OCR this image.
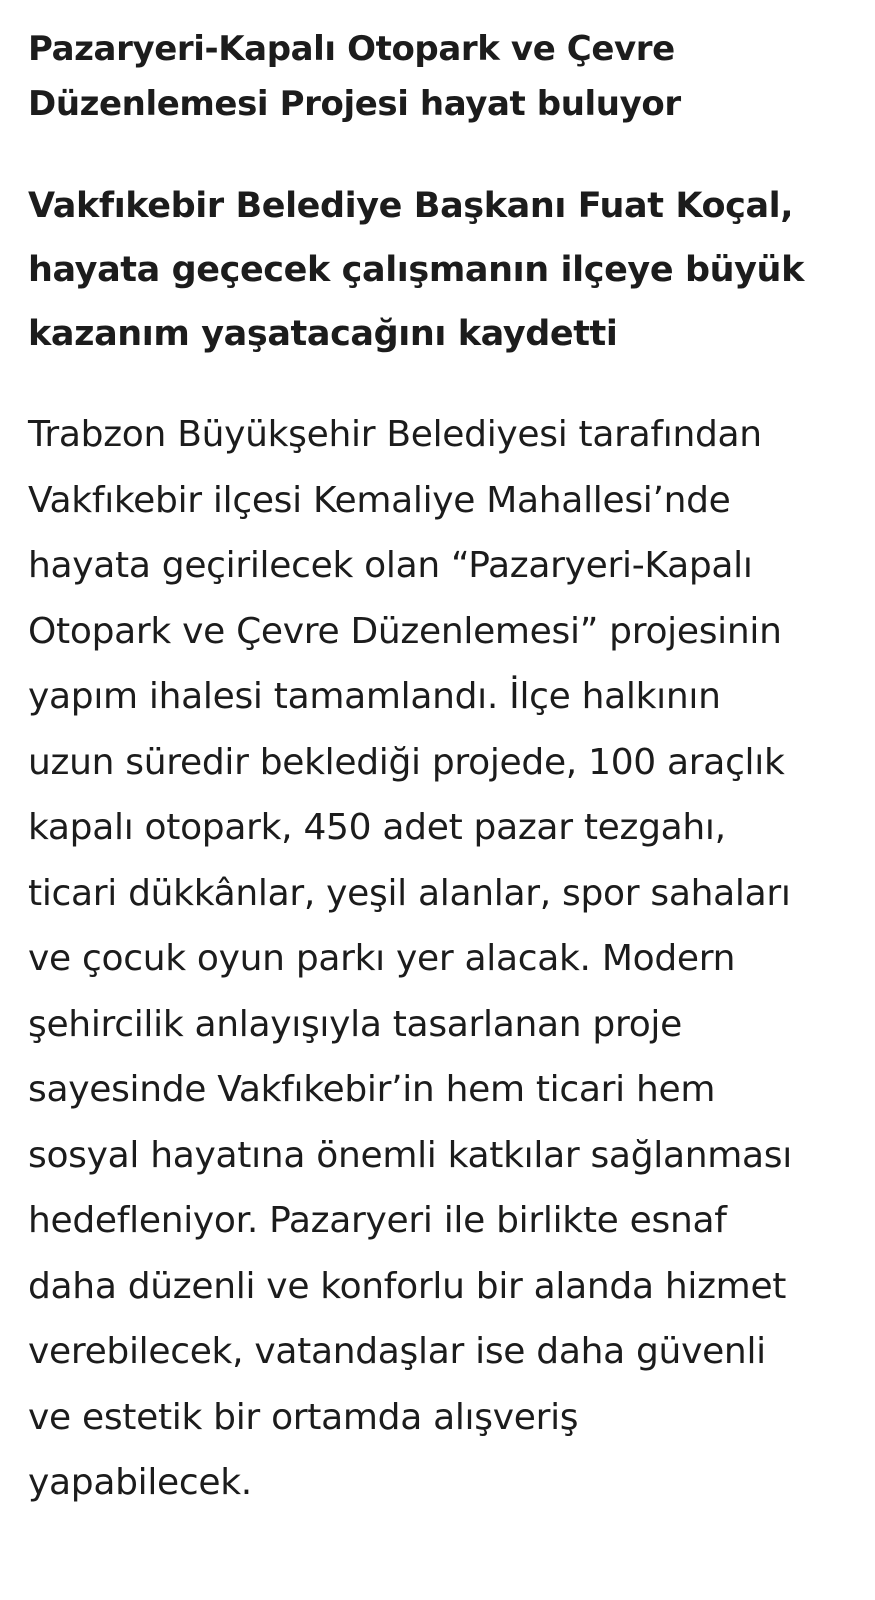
Pazaryeri-Kapalı Otopark ve Çevre
Düzenlemesi Projesi hayat buluyor
Vakfıkebir Belediye Başkanı Fuat Koçal,
hayata geçecek çalışmanın ilçeye büyük
kazanım yaşatacağını kaydetti

Trabzon Büyükşehir Belediyesi tarafından
Vakfıkebir ilçesi Kemaliye Mahallesi’nde
hayata geçirilecek olan “Pazaryeri-Kapalı
Otopark ve Çevre Düzenlemesi” projesinin
yapım ihalesi tamamlandı. İlçe halkının
uzun süredir beklediği projede, 100 araçlık
kapalı otopark, 450 adet pazar tezgahı,
ticari dükkânlar, yeşil alanlar, spor sahaları
ve çocuk oyun parkı yer alacak. Modern
şehircilik anlayışıyla tasarlanan proje
sayesinde Vakfıkebir’in hem ticari hem
sosyal hayatına önemli katkılar sağlanması
hedefleniyor. Pazaryeri ile birlikte esnaf
daha düzenli ve konforlu bir alanda hizmet
verebilecek, vatandaşlar ise daha güvenli
ve estetik bir ortamda alışveriş
yapabilecek.
